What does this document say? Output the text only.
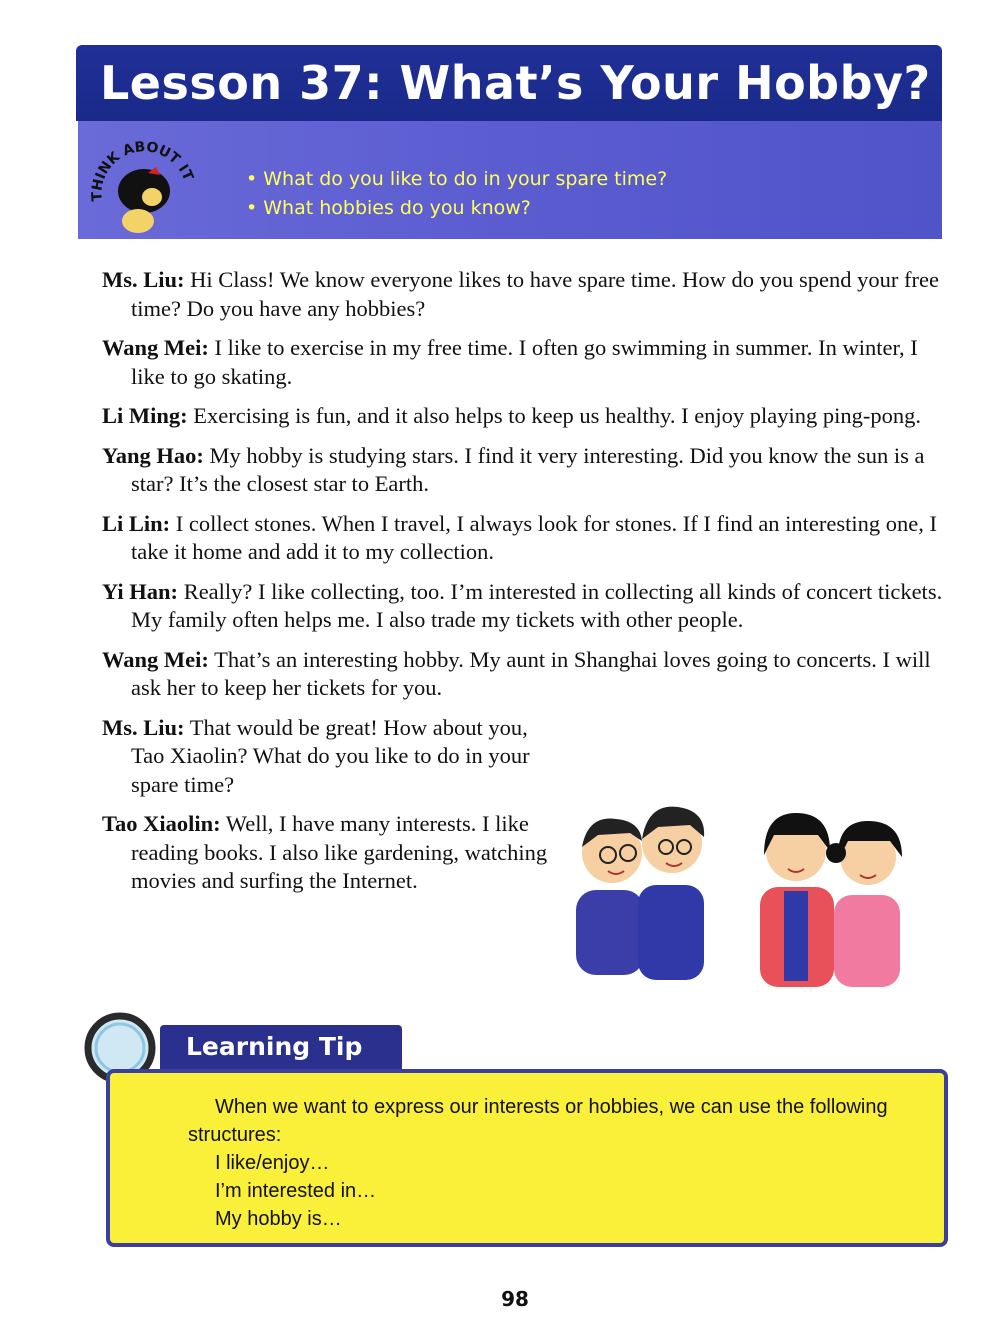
Lesson 37: What’s Your Hobby?
THINK ABOUT IT
•	What do you like to do in your spare time?
• What hobbies do you know?
Ms. Liu: Hi Class! We know everyone likes to have spare time. How do you spend your free time? Do you have any hobbies?
Wang Mei: I like to exercise in my free time. I often go swimming in summer. In winter, I like to go skating.
Li Ming: Exercising is fun, and it also helps to keep us healthy. I enjoy playing ping-pong.
Yang Hao: My hobby is studying stars. I find it very interesting. Did you know the sun is a star? It’s the closest star to Earth.
Li Lin: I collect stones. When I travel, I always look for stones. If I find an interesting one, I take it home and add it to my collection.
Yi Han: Really? I like collecting, too. I’m interested in collecting all kinds of concert tickets. My family often helps me. I also trade my tickets with other people.
Wang Mei: That’s an interesting hobby. My aunt in Shanghai loves going to concerts. I will ask her to keep her tickets for you.
Ms. Liu: That would be great! How about you, Tao Xiaolin? What do you like to do in your spare time?
Tao Xiaolin: Well, I have many interests. I like reading books. I also like gardening, watching movies and surfing the Internet.
Learning Tip
When we want to express our interests or hobbies, we can use the following structures:
I like/enjoy…
I’m interested in…
My hobby is…
98
